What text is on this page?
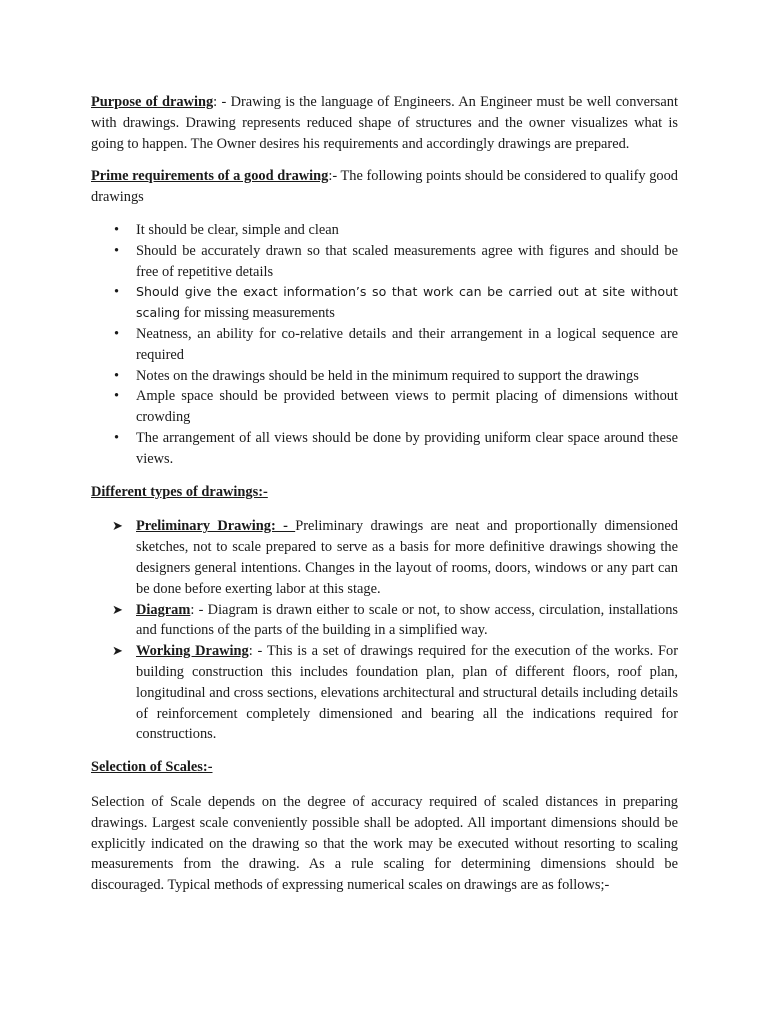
Purpose of drawing: - Drawing is the language of Engineers. An Engineer must be well conversant with drawings. Drawing represents reduced shape of structures and the owner visualizes what is going to happen. The Owner desires his requirements and accordingly drawings are prepared.

Prime requirements of a good drawing:- The following points should be considered to qualify good drawings

• It should be clear, simple and clean
• Should be accurately drawn so that scaled measurements agree with figures and should be free of repetitive details
• Should give the exact information’s so that work can be carried out at site without scaling for missing measurements
• Neatness, an ability for co-relative details and their arrangement in a logical sequence are required
• Notes on the drawings should be held in the minimum required to support the drawings
• Ample space should be provided between views to permit placing of dimensions without crowding
• The arrangement of all views should be done by providing uniform clear space around these views.

Different types of drawings:-

➤ Preliminary Drawing: - Preliminary drawings are neat and proportionally dimensioned sketches, not to scale prepared to serve as a basis for more definitive drawings showing the designers general intentions. Changes in the layout of rooms, doors, windows or any part can be done before exerting labor at this stage.
➤ Diagram: - Diagram is drawn either to scale or not, to show access, circulation, installations and functions of the parts of the building in a simplified way.
➤ Working Drawing: - This is a set of drawings required for the execution of the works. For building construction this includes foundation plan, plan of different floors, roof plan, longitudinal and cross sections, elevations architectural and structural details including details of reinforcement completely dimensioned and bearing all the indications required for constructions.

Selection of Scales:-

Selection of Scale depends on the degree of accuracy required of scaled distances in preparing drawings. Largest scale conveniently possible shall be adopted. All important dimensions should be explicitly indicated on the drawing so that the work may be executed without resorting to scaling measurements from the drawing. As a rule scaling for determining dimensions should be discouraged. Typical methods of expressing numerical scales on drawings are as follows;-
